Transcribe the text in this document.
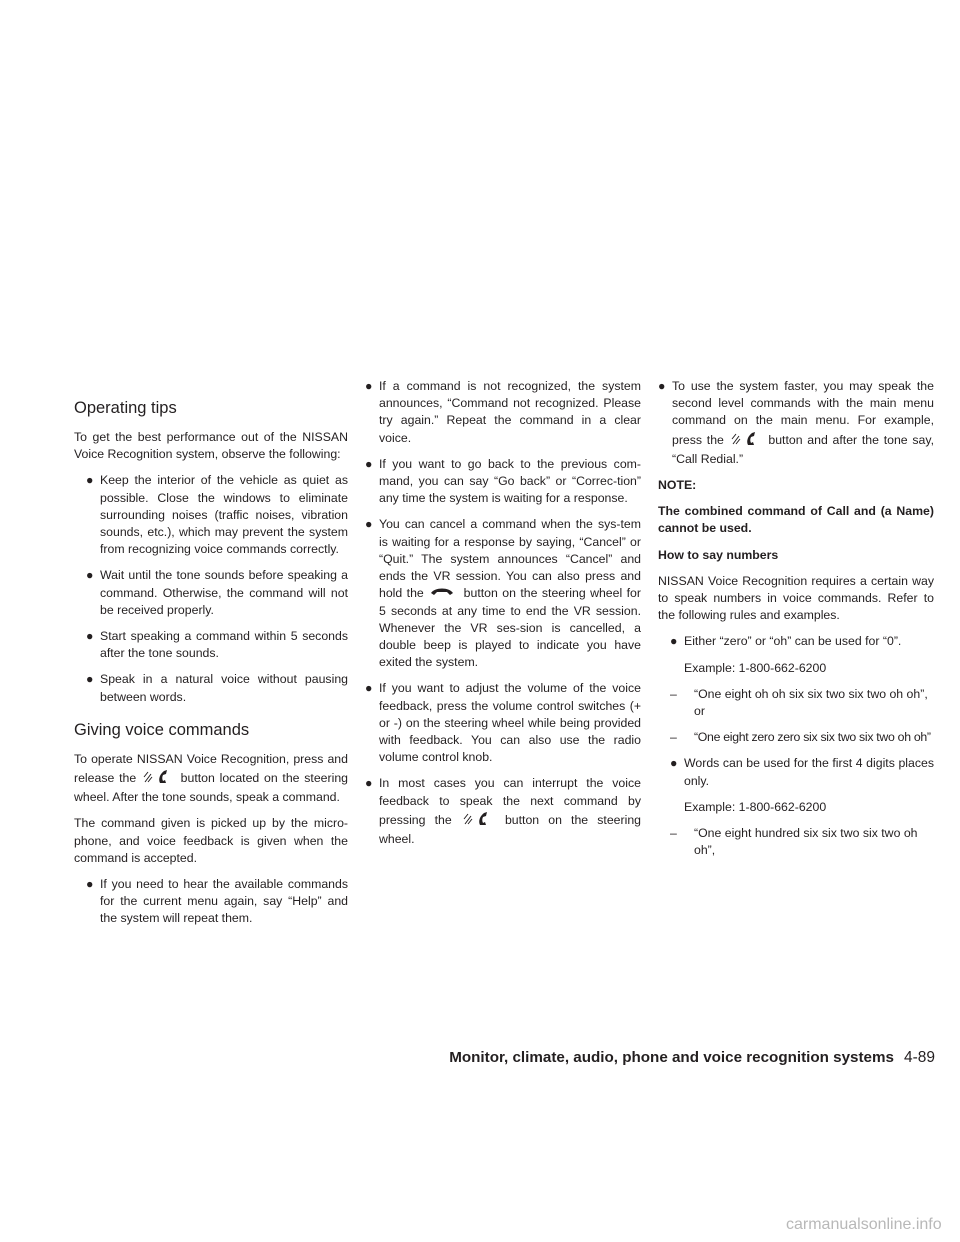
Operating tips

To get the best performance out of the NISSAN Voice Recognition system, observe the following:

● Keep the interior of the vehicle as quiet as possible. Close the windows to eliminate surrounding noises (traffic noises, vibration sounds, etc.), which may prevent the system from recognizing voice commands correctly.
● Wait until the tone sounds before speaking a command. Otherwise, the command will not be received properly.
● Start speaking a command within 5 seconds after the tone sounds.
● Speak in a natural voice without pausing between words.
Giving voice commands

To operate NISSAN Voice Recognition, press and release the	button located on the steering wheel. After the tone sounds, speak a command.

The command given is picked up by the micro-phone, and voice feedback is given when the command is accepted.

● If you need to hear the available commands for the current menu again, say “Help” and the system will repeat them.
● If a command is not recognized, the system announces, “Command not recognized. Please try again.” Repeat the command in a clear voice.
● If you want to go back to the previous com-mand, you can say “Go back” or “Correc-tion” any time the system is waiting for a response.
● You can cancel a command when the sys-tem is waiting for a response by saying, “Cancel” or “Quit.” The system announces “Cancel” and ends the VR session. You can also press and hold the	button on the steering wheel for 5 seconds at any time to end the VR session. Whenever the VR ses-sion is cancelled, a double beep is played to indicate you have exited the system.
● If you want to adjust the volume of the voice feedback, press the volume control switches (+ or -) on the steering wheel while being provided with feedback. You can also use the radio volume control knob.
● In most cases you can interrupt the voice feedback to speak the next command by pressing the	button on the steering wheel.
● To use the system faster, you may speak the second level commands with the main menu command on the main menu. For example, press the	button and after the tone say, “Call Redial.”

NOTE:

The combined command of Call and (a Name) cannot be used.

How to say numbers

NISSAN Voice Recognition requires a certain way to speak numbers in voice commands. Refer to the following rules and examples.

● Either “zero” or “oh” can be used for “0”.
Example: 1-800-662-6200
– “One eight oh oh six six two six two oh oh”, or
– “One eight zero zero six six two six two oh oh”
● Words can be used for the first 4 digits places only.
Example: 1-800-662-6200
– “One eight hundred six six two six two oh oh”,
Monitor, climate, audio, phone and voice recognition systems 4-89
carmanualsonline.info
